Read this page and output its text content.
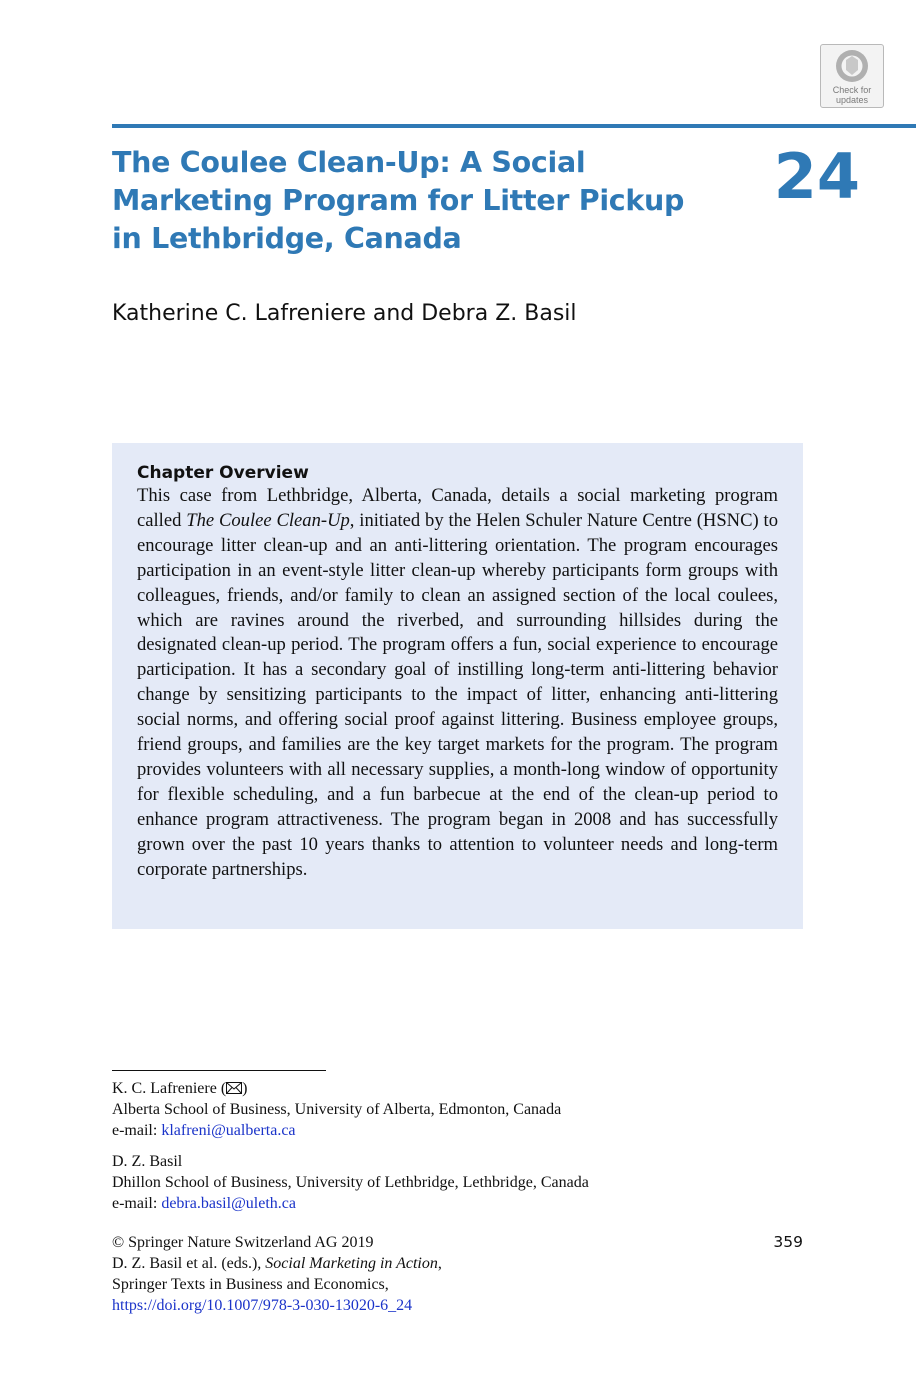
Check for
updates
The Coulee Clean-Up: A Social Marketing Program for Litter Pickup in Lethbridge, Canada
24

Katherine C. Lafreniere and Debra Z. Basil

Chapter Overview

This case from Lethbridge, Alberta, Canada, details a social marketing program called The Coulee Clean-Up, initiated by the Helen Schuler Nature Centre (HSNC) to encourage litter clean-up and an anti-littering orientation. The program encourages participation in an event-style litter clean-up whereby participants form groups with colleagues, friends, and/or family to clean an assigned section of the local coulees, which are ravines around the riverbed, and surrounding hillsides during the designated clean-up period. The program offers a fun, social experience to encourage participation. It has a secondary goal of instilling long-term anti-littering behavior change by sensitizing participants to the impact of litter, enhancing anti-littering social norms, and offering social proof against littering. Business employee groups, friend groups, and families are the key target markets for the program. The program provides volunteers with all necessary supplies, a month-long window of opportunity for flexible scheduling, and a fun barbecue at the end of the clean-up period to enhance program attractiveness. The program began in 2008 and has successfully grown over the past 10 years thanks to attention to volunteer needs and long-term corporate partnerships.

K. C. Lafreniere ( )
Alberta School of Business, University of Alberta, Edmonton, Canada
e-mail: klafreni@ualberta.ca
D. Z. Basil
Dhillon School of Business, University of Lethbridge, Lethbridge, Canada
e-mail: debra.basil@uleth.ca
© Springer Nature Switzerland AG 2019
D. Z. Basil et al. (eds.), Social Marketing in Action,
Springer Texts in Business and Economics,
https://doi.org/10.1007/978-3-030-13020-6_24
359
